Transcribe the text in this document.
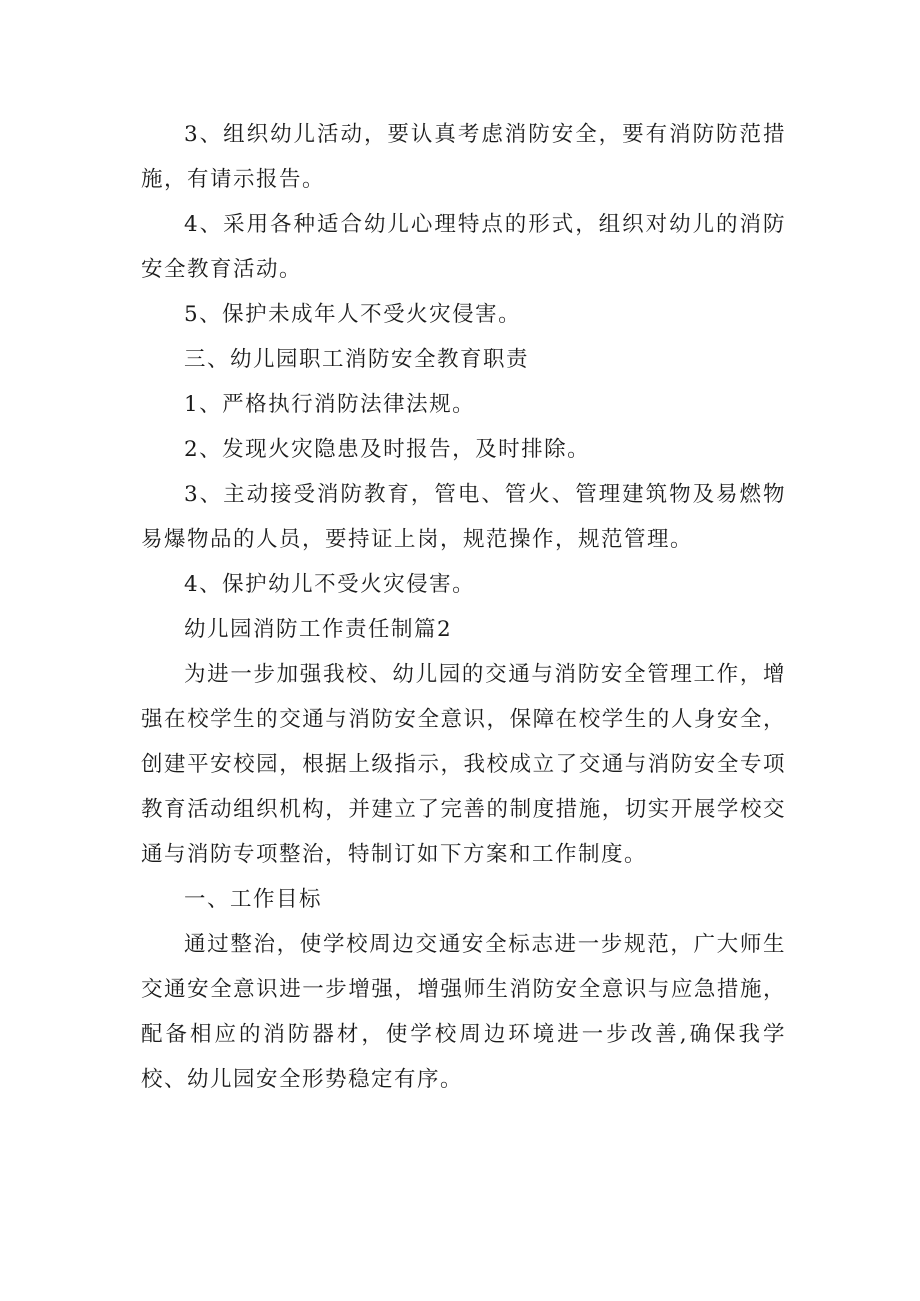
3、组织幼儿活动，要认真考虑消防安全，要有消防防范措施，有请示报告。

4、采用各种适合幼儿心理特点的形式，组织对幼儿的消防安全教育活动。

5、保护未成年人不受火灾侵害。

三、幼儿园职工消防安全教育职责

1、严格执行消防法律法规。

2、发现火灾隐患及时报告，及时排除。

3、主动接受消防教育，管电、管火、管理建筑物及易燃物易爆物品的人员，要持证上岗，规范操作，规范管理。

4、保护幼儿不受火灾侵害。

幼儿园消防工作责任制篇2

为进一步加强我校、幼儿园的交通与消防安全管理工作，增强在校学生的交通与消防安全意识，保障在校学生的人身安全，创建平安校园，根据上级指示，我校成立了交通与消防安全专项教育活动组织机构，并建立了完善的制度措施，切实开展学校交通与消防专项整治，特制订如下方案和工作制度。

一、工作目标

通过整治，使学校周边交通安全标志进一步规范，广大师生交通安全意识进一步增强，增强师生消防安全意识与应急措施，配备相应的消防器材，使学校周边环境进一步改善,确保我学校、幼儿园安全形势稳定有序。
